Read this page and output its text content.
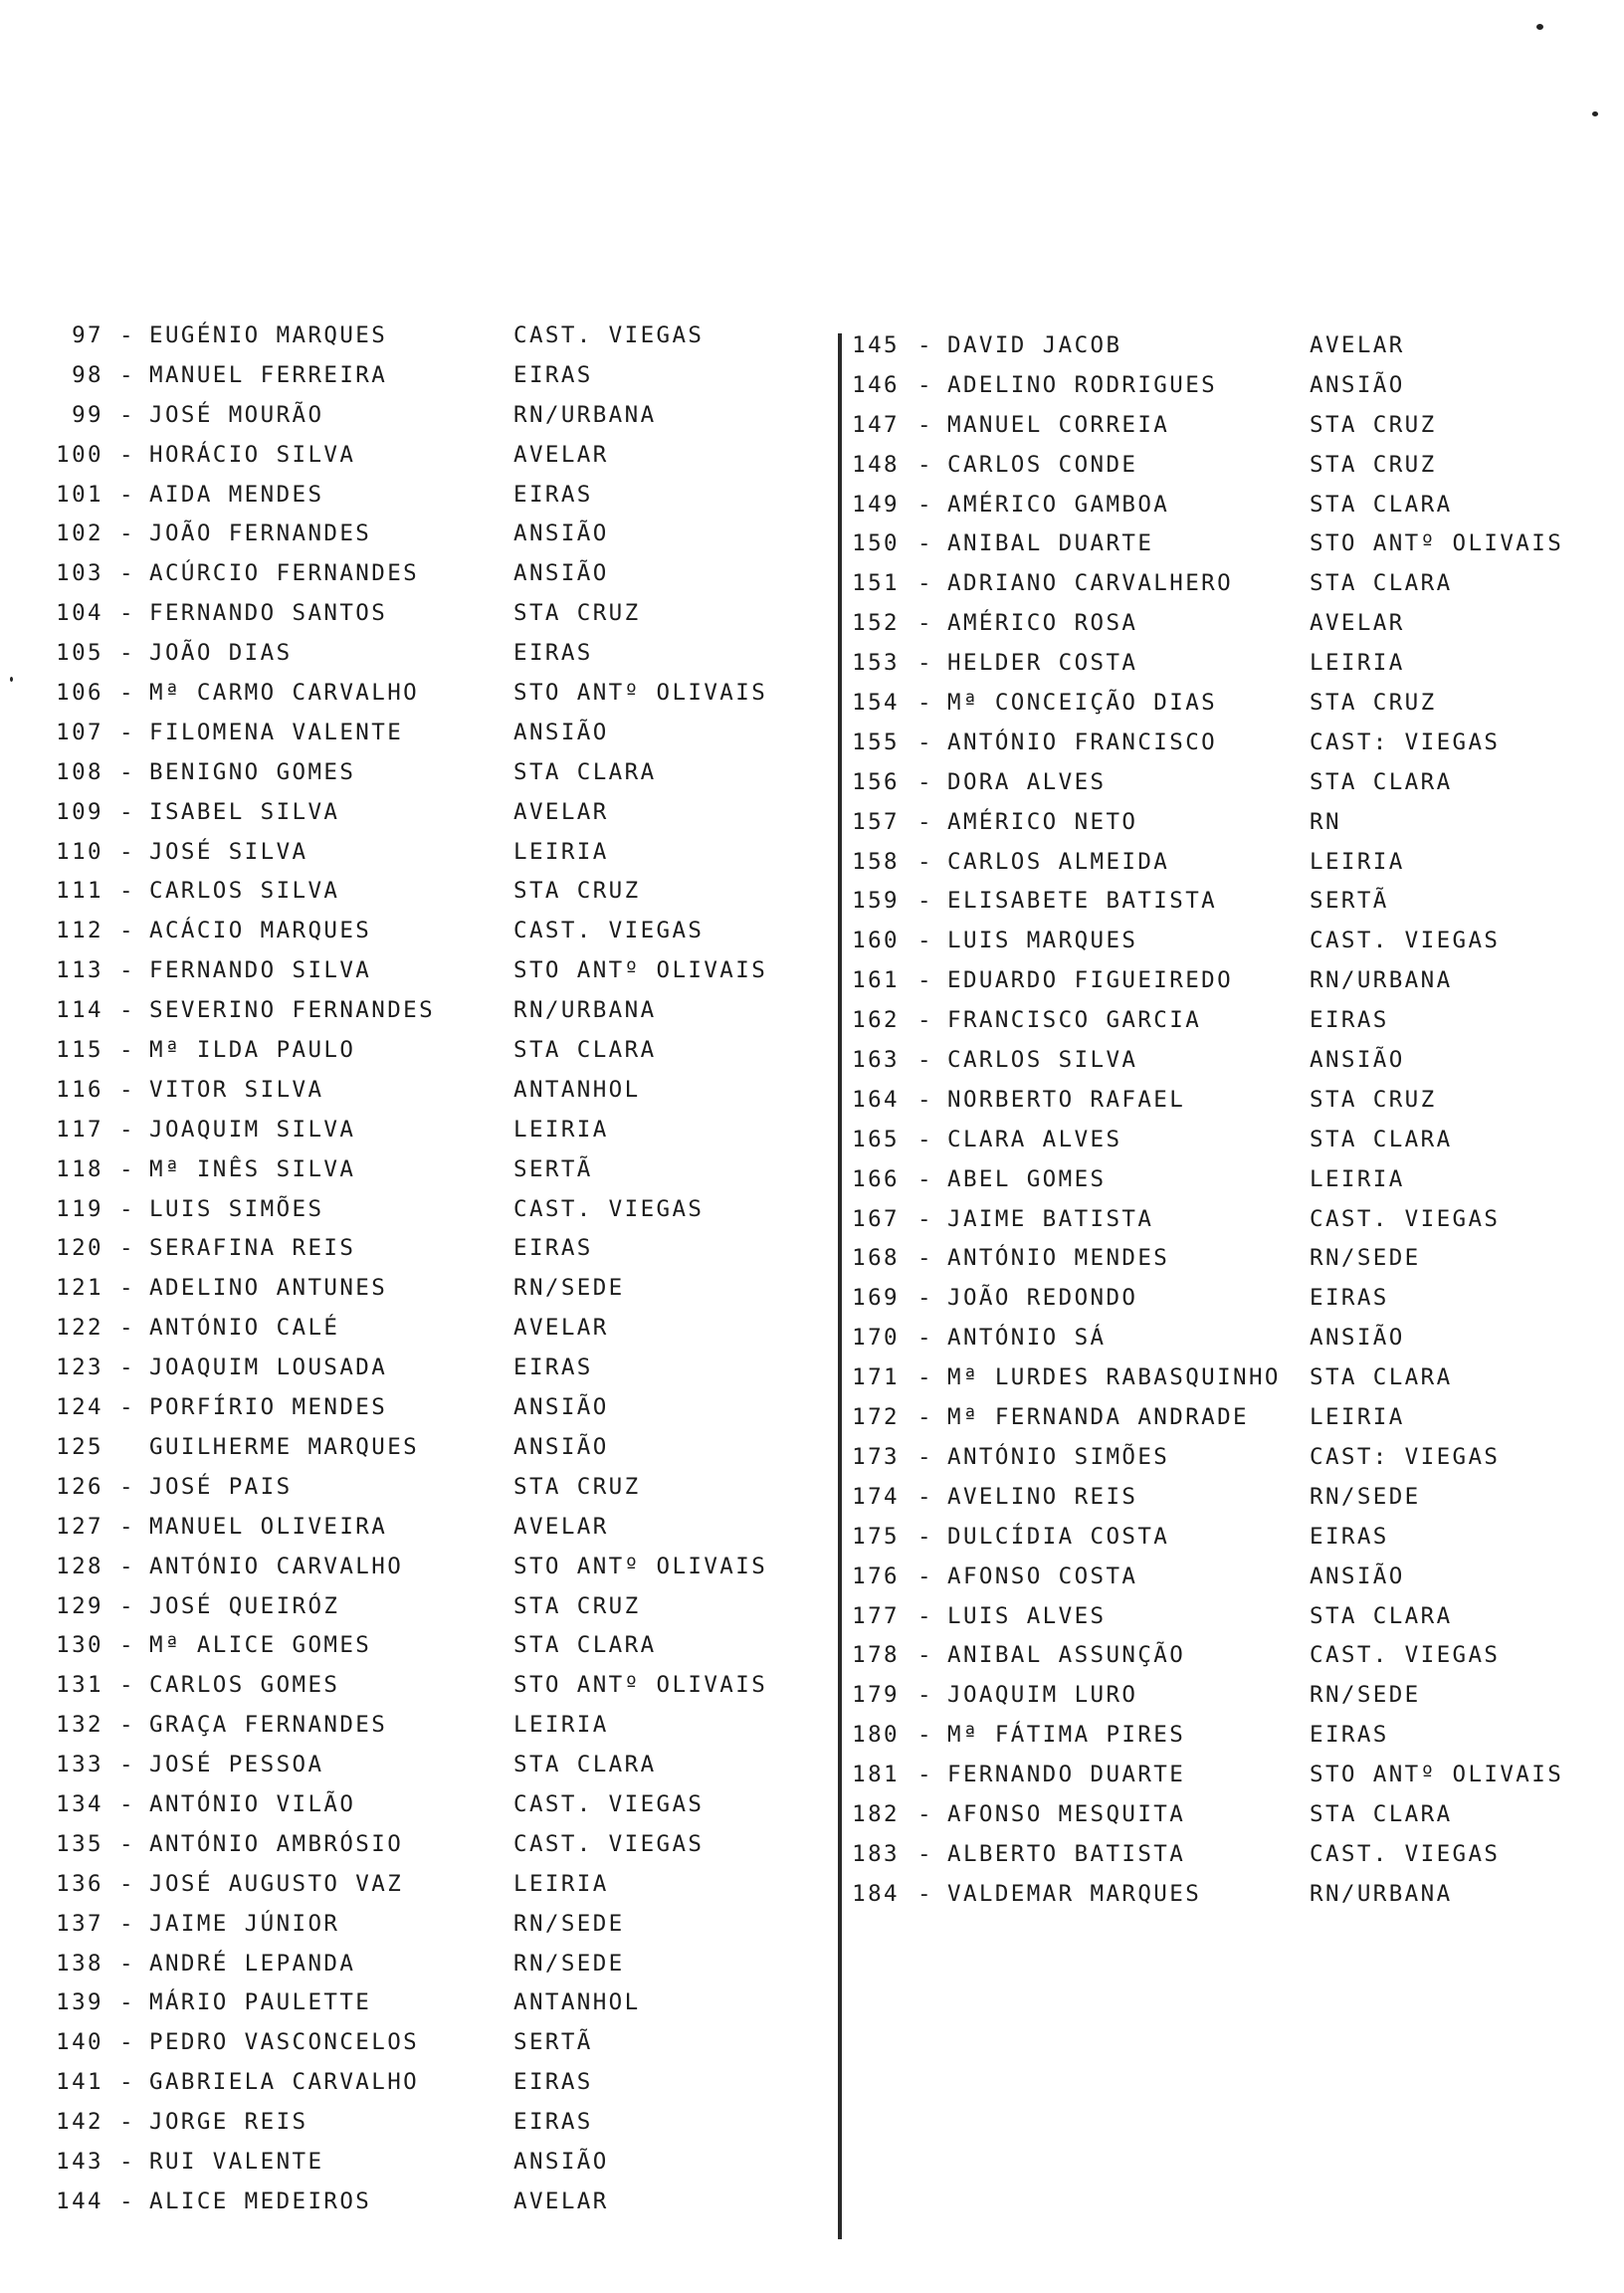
97 - EUGÉNIO MARQUES	CAST. VIEGAS
98 - MANUEL FERREIRA	EIRAS
99 - JOSÉ MOURÃO	RN/URBANA
100 - HORÁCIO SILVA	AVELAR
101 - AIDA MENDES	EIRAS
102 - JOÃO FERNANDES	ANSIÃO
103 - ACÚRCIO FERNANDES	ANSIÃO
104 - FERNANDO SANTOS	STA CRUZ
105 - JOÃO DIAS	EIRAS
106 - Mª CARMO CARVALHO	STO ANTº OLIVAIS
107 - FILOMENA VALENTE	ANSIÃO
108 - BENIGNO GOMES	STA CLARA
109 - ISABEL SILVA	AVELAR
110 - JOSÉ SILVA	LEIRIA
111 - CARLOS SILVA	STA CRUZ
112 - ACÁCIO MARQUES	CAST. VIEGAS
113 - FERNANDO SILVA	STO ANTº OLIVAIS
114 - SEVERINO FERNANDES	RN/URBANA
115 - Mª ILDA PAULO	STA CLARA
116 - VITOR SILVA	ANTANHOL
117 - JOAQUIM SILVA	LEIRIA
118 - Mª INÊS SILVA	SERTÃ
119 - LUIS SIMÕES	CAST. VIEGAS
120 - SERAFINA REIS	EIRAS
121 - ADELINO ANTUNES	RN/SEDE
122 - ANTÓNIO CALÉ	AVELAR
123 - JOAQUIM LOUSADA	EIRAS
124 - PORFÍRIO MENDES	ANSIÃO
125 GUILHERME MARQUES	ANSIÃO
126 - JOSÉ PAIS	STA CRUZ
127 - MANUEL OLIVEIRA	AVELAR
128 - ANTÓNIO CARVALHO	STO ANTº OLIVAIS
129 - JOSÉ QUEIRÓZ	STA CRUZ
130 - Mª ALICE GOMES	STA CLARA
131 - CARLOS GOMES	STO ANTº OLIVAIS
132 - GRAÇA FERNANDES	LEIRIA
133 - JOSÉ PESSOA	STA CLARA
134 - ANTÓNIO VILÃO	CAST. VIEGAS
135 - ANTÓNIO AMBRÓSIO	CAST. VIEGAS
136 - JOSÉ AUGUSTO VAZ	LEIRIA
137 - JAIME JÚNIOR	RN/SEDE
138 - ANDRÉ LEPANDA	RN/SEDE
139 - MÁRIO PAULETTE	ANTANHOL
140 - PEDRO VASCONCELOS	SERTÃ
141 - GABRIELA CARVALHO	EIRAS
142 - JORGE REIS	EIRAS
143 - RUI VALENTE	ANSIÃO
144 - ALICE MEDEIROS	AVELAR
145 - DAVID JACOB	AVELAR
146 - ADELINO RODRIGUES	ANSIÃO
147 - MANUEL CORREIA	STA CRUZ
148 - CARLOS CONDE	STA CRUZ
149 - AMÉRICO GAMBOA	STA CLARA
150 - ANIBAL DUARTE	STO ANTº OLIVAIS
151 - ADRIANO CARVALHERO	STA CLARA
152 - AMÉRICO ROSA	AVELAR
153 - HELDER COSTA	LEIRIA
154 - Mª CONCEIÇÃO DIAS	STA CRUZ
155 - ANTÓNIO FRANCISCO	CAST: VIEGAS
156 - DORA ALVES	STA CLARA
157 - AMÉRICO NETO	RN
158 - CARLOS ALMEIDA	LEIRIA
159 - ELISABETE BATISTA	SERTÃ
160 - LUIS MARQUES	CAST. VIEGAS
161 - EDUARDO FIGUEIREDO	RN/URBANA
162 - FRANCISCO GARCIA	EIRAS
163 - CARLOS SILVA	ANSIÃO
164 - NORBERTO RAFAEL	STA CRUZ
165 - CLARA ALVES	STA CLARA
166 - ABEL GOMES	LEIRIA
167 - JAIME BATISTA	CAST. VIEGAS
168 - ANTÓNIO MENDES	RN/SEDE
169 - JOÃO REDONDO	EIRAS
170 - ANTÓNIO SÁ	ANSIÃO
171 - Mª LURDES RABASQUINHO STA CLARA
172 - Mª FERNANDA ANDRADE	LEIRIA
173 - ANTÓNIO SIMÕES	CAST: VIEGAS
174 - AVELINO REIS	RN/SEDE
175 - DULCÍDIA COSTA	EIRAS
176 - AFONSO COSTA	ANSIÃO
177 - LUIS ALVES	STA CLARA
178 - ANIBAL ASSUNÇÃO	CAST. VIEGAS
179 - JOAQUIM LURO	RN/SEDE
180 - Mª FÁTIMA PIRES	EIRAS
181 - FERNANDO DUARTE	STO ANTº OLIVAIS
182 - AFONSO MESQUITA	STA CLARA
183 - ALBERTO BATISTA	CAST. VIEGAS
184 - VALDEMAR MARQUES	RN/URBANA
